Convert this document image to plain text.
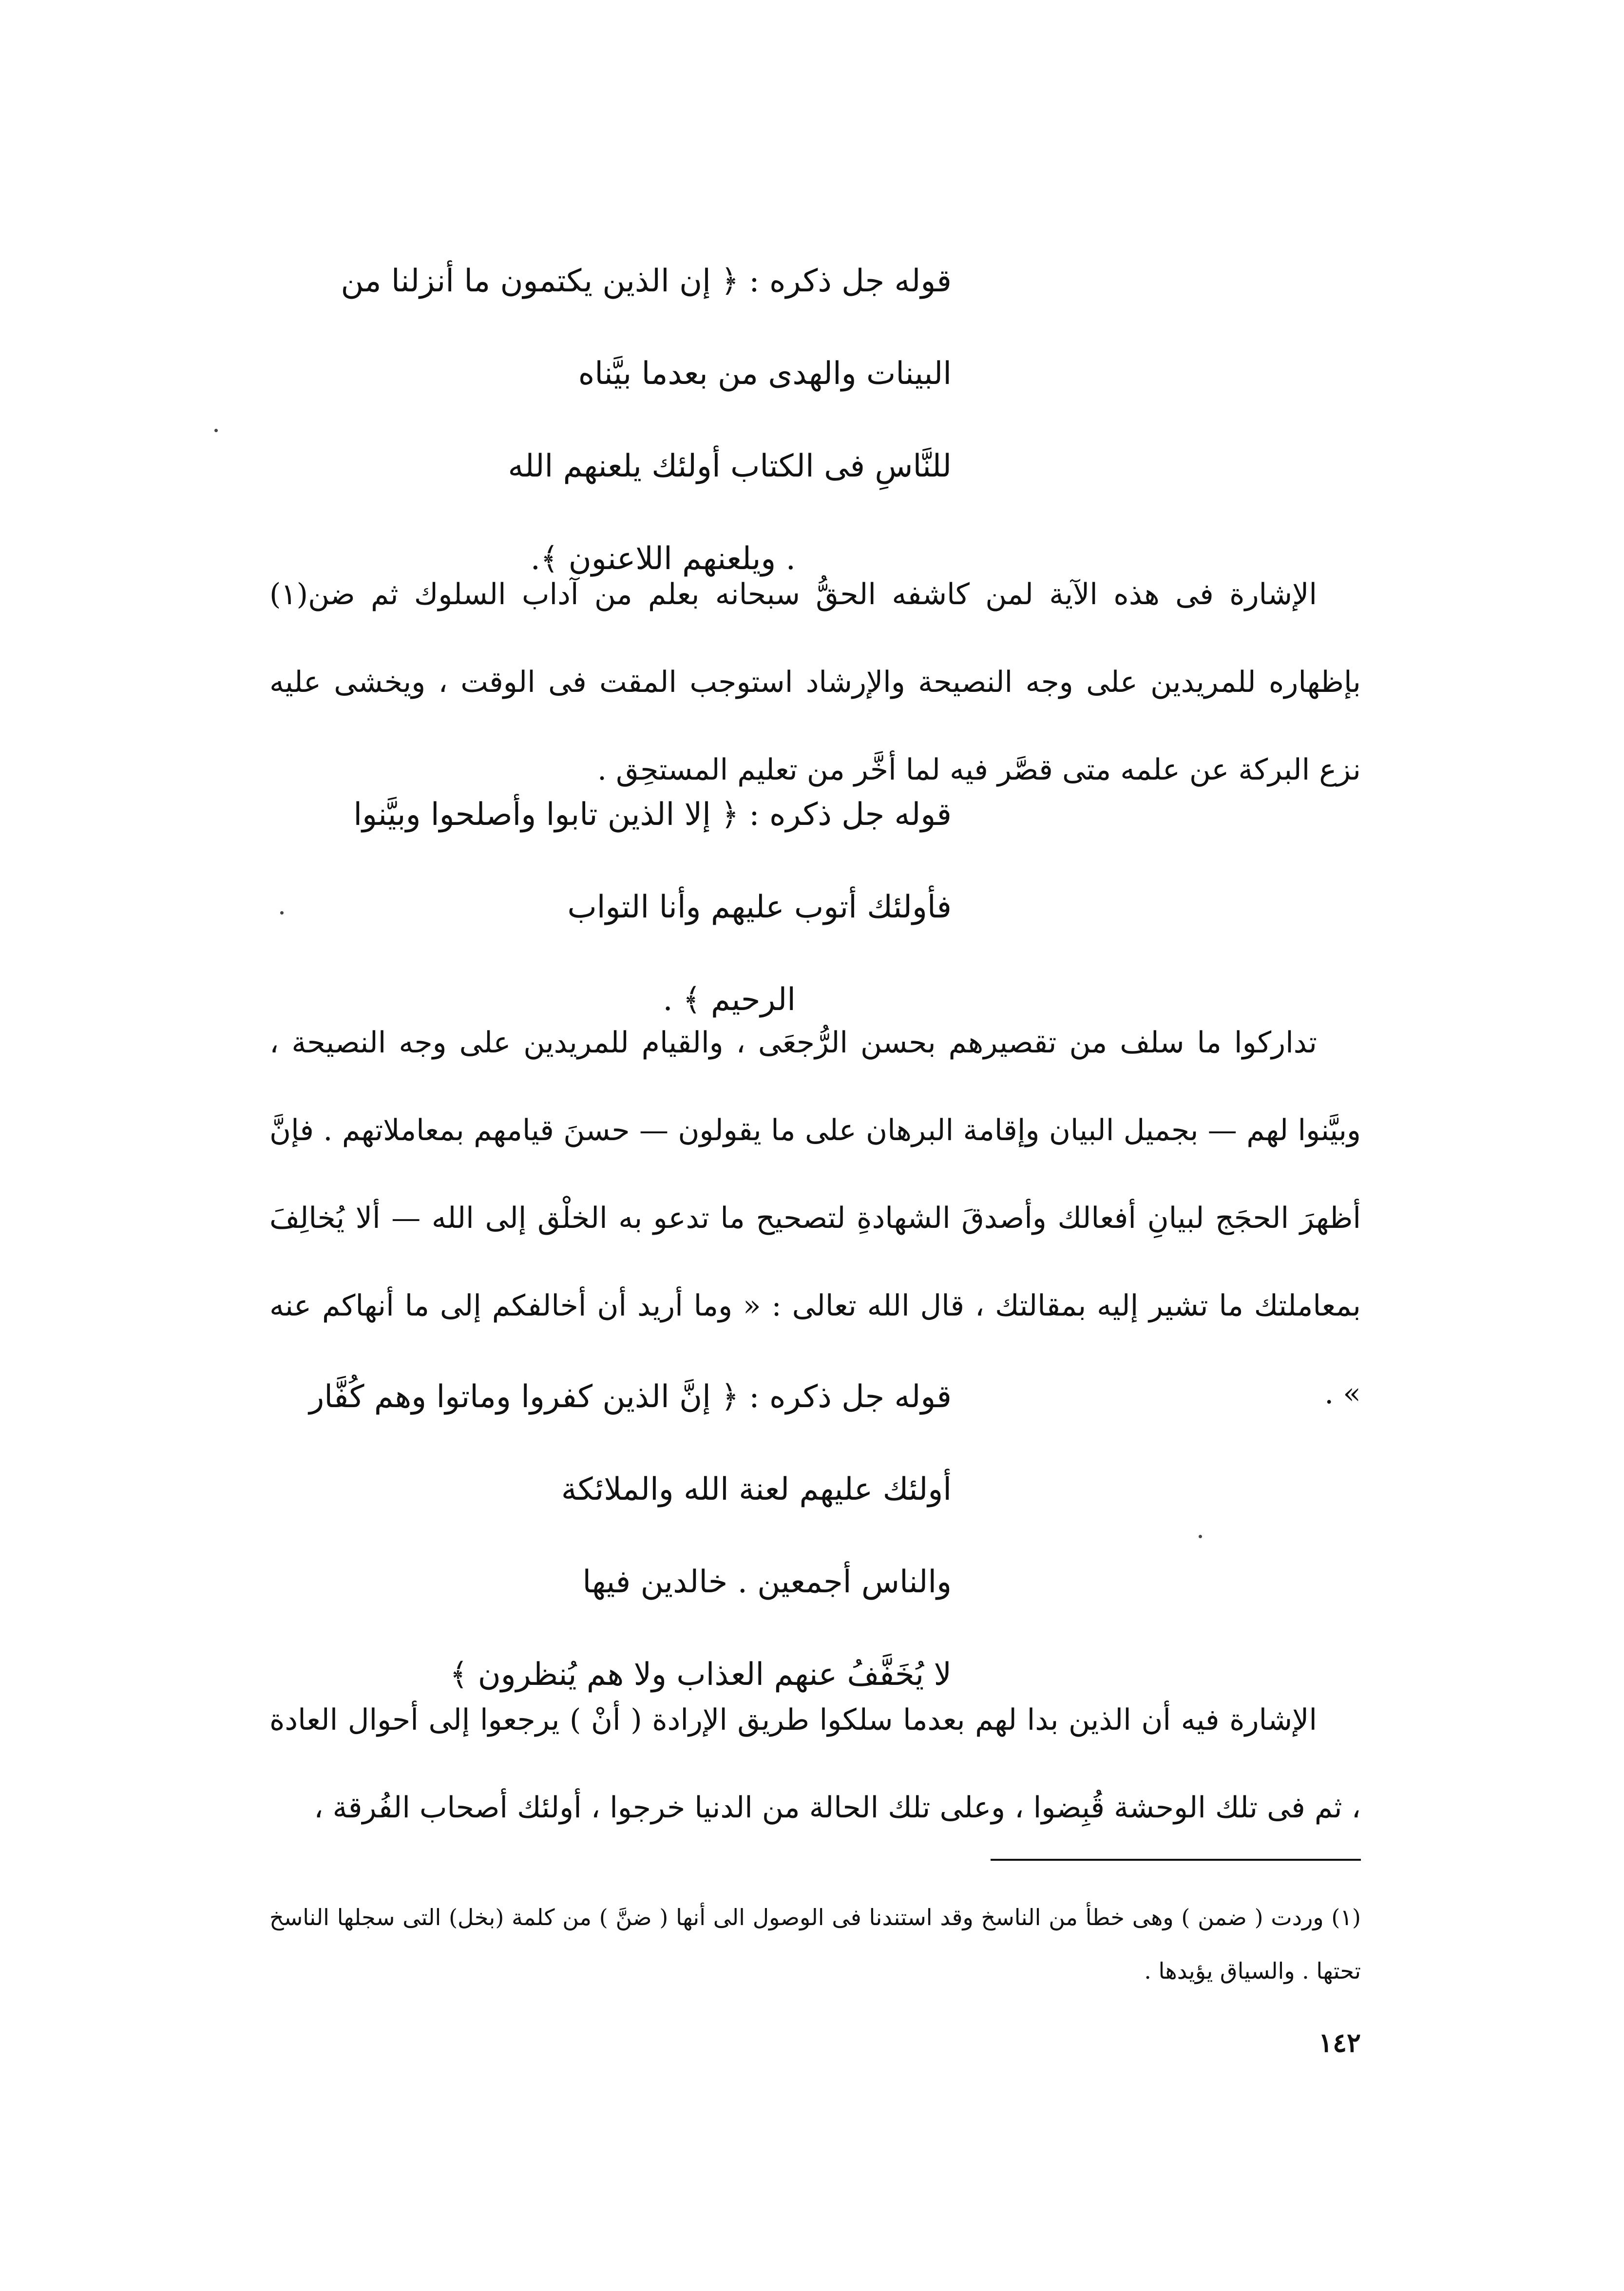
قوله جل ذكره : ﴿ إن الذين يكتمون ما أنزلنا من
البينات والهدى من بعدما بيَّناه
للنَّاسِ فى الكتاب أولئك يلعنهم الله
. ويلعنهم اللاعنون ﴾.

الإشارة فى هذه الآية لمن كاشفه الحقُّ سبحانه بعلم من آداب السلوك ثم ضن(١) بإظهاره للمريدين على وجه النصيحة والإرشاد استوجب المقت فى الوقت ، ويخشى عليه نزع البركة عن علمه متى قصَّر فيه لما أخَّر من تعليم المستحِق .

قوله جل ذكره : ﴿ إلا الذين تابوا وأصلحوا وبيَّنوا
فأولئك أتوب عليهم وأنا التواب
الرحيم ﴾ .

تداركوا ما سلف من تقصيرهم بحسن الرُّجعَى ، والقيام للمريدين على وجه النصيحة ، وبيَّنوا لهم — بجميل البيان وإقامة البرهان على ما يقولون — حسنَ قيامهم بمعاملاتهم . فإنَّ أظهرَ الحجَج لبيانِ أفعالك وأصدقَ الشهادةِ لتصحيح ما تدعو به الخلْق إلى الله — ألا يُخالِفَ بمعاملتك ما تشير إليه بمقالتك ، قال الله تعالى : « وما أريد أن أخالفكم إلى ما أنهاكم عنه » .

قوله جل ذكره : ﴿ إنَّ الذين كفروا وماتوا وهم كُفَّار
أولئك عليهم لعنة الله والملائكة
والناس أجمعين . خالدين فيها
لا يُخَفَّفُ عنهم العذاب ولا هم يُنظرون ﴾

الإشارة فيه أن الذين بدا لهم بعدما سلكوا طريق الإرادة ( أنْ ) يرجعوا إلى أحوال العادة ، ثم فى تلك الوحشة قُبِضوا ، وعلى تلك الحالة من الدنيا خرجوا ، أولئك أصحاب الفُرقة ،

(١) وردت ( ضمن ) وهى خطأ من الناسخ وقد استندنا فى الوصول الى أنها ( ضنَّ ) من كلمة (بخل) التى سجلها الناسخ تحتها . والسياق يؤيدها .

١٤٢
